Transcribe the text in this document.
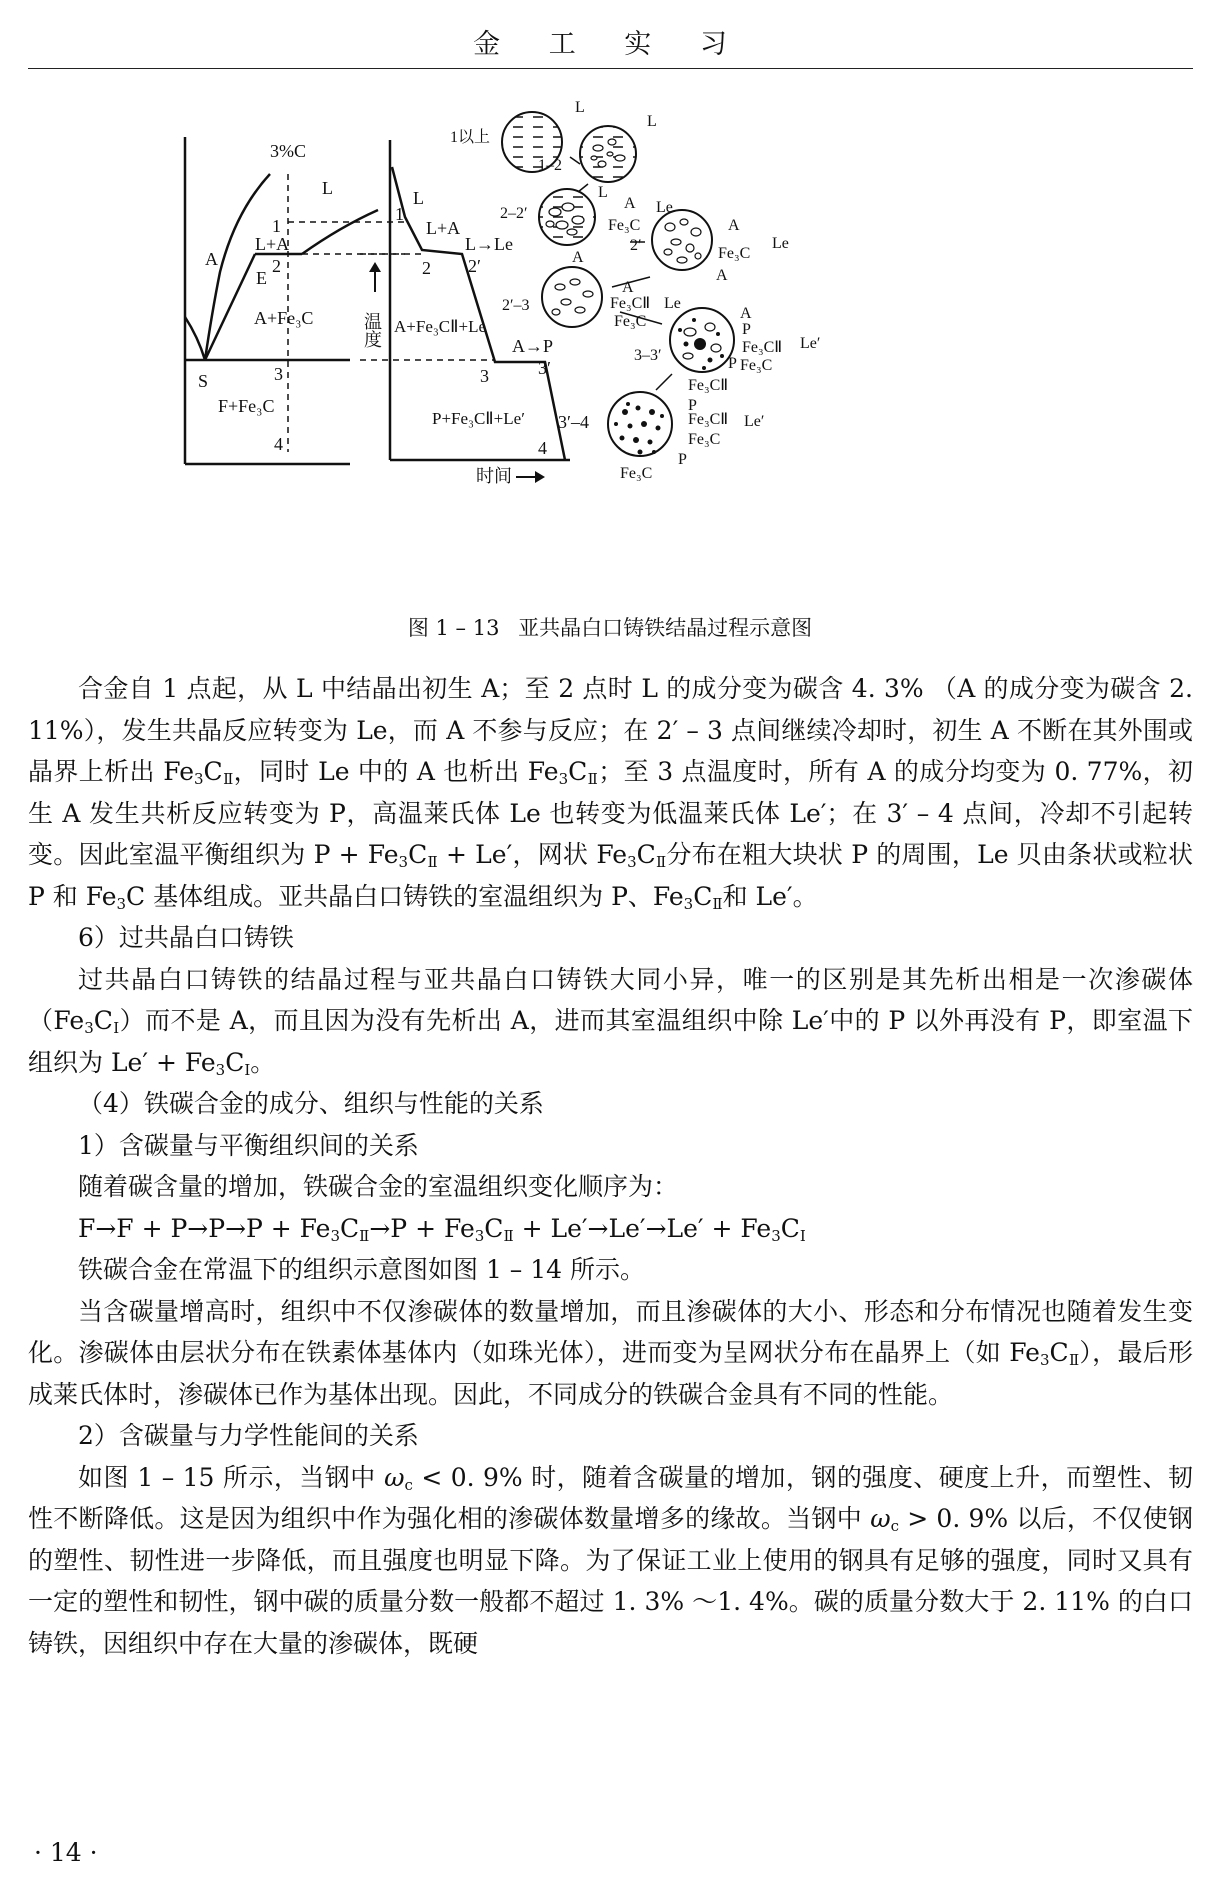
金 工 实 习
3%C
L
A
L+A
E
A+Fe₃C
S
F+Fe₃C
1
2
3
4
温度
时间
1
L
L+A
L→Le
2 2′
A+Fe₃CⅡ+Le
A→P
3	3′
P+Fe₃CⅡ+Le′ 3′–4
4
1以上
L
L
1–2
L
2–2′
A
Fe₃C
Le
A
2′
A
Fe₃C
Le
A
2′–3
A
Fe₃CⅡ Le
Fe₃C	A
P
Fe₃CⅡ Le′
P Fe₃C
3–3′
Fe₃CⅡ
P
Fe₃CⅡ Le′
Fe₃C
P
Fe₃C
图 1 – 13 亚共晶白口铸铁结晶过程示意图

合金自 1 点起，从 L 中结晶出初生 A；至 2 点时 L 的成分变为碳含 4. 3% （A 的成分变为碳含 2. 11%），发生共晶反应转变为 Le，而 A 不参与反应；在 2′ – 3 点间继续冷却时，初生 A 不断在其外围或晶界上析出 $Fe_3C_Ⅱ$，同时 Le 中的 A 也析出 $Fe_3C_Ⅱ$；至 3 点温度时，所有 A 的成分均变为 0. 77%，初生 A 发生共析反应转变为 P，高温莱氏体 Le 也转变为低温莱氏体 Le′；在 3′ – 4 点间，冷却不引起转变。因此室温平衡组织为 $P + Fe_3C_Ⅱ + Le'$，网状 $Fe_3C_Ⅱ$分布在粗大块状 P 的周围，Le 贝由条状或粒状 P 和 $Fe_3C$ 基体组成。亚共晶白口铸铁的室温组织为 P、$Fe_3C_Ⅱ$和 Le′。

6）过共晶白口铸铁

过共晶白口铸铁的结晶过程与亚共晶白口铸铁大同小异，唯一的区别是其先析出相是一次渗碳体$(Fe_3C_Ⅰ)$而不是 A，而且因为没有先析出 A，进而其室温组织中除 Le′中的 P 以外再没有 P，即室温下组织为 $Le' + Fe_3C_Ⅰ$。

（4）铁碳合金的成分、组织与性能的关系

1）含碳量与平衡组织间的关系

随着碳含量的增加，铁碳合金的室温组织变化顺序为：

$F\to F + P\to P\to P + Fe_3C_Ⅱ\to P + Fe_3C_Ⅱ + Le'\to Le'\to Le' + Fe_3C_Ⅰ$

铁碳合金在常温下的组织示意图如图 1 – 14 所示。

当含碳量增高时，组织中不仅渗碳体的数量增加，而且渗碳体的大小、形态和分布情况也随着发生变化。渗碳体由层状分布在铁素体基体内（如珠光体），进而变为呈网状分布在晶界上（如 $Fe_3C_Ⅱ$），最后形成莱氏体时，渗碳体已作为基体出现。因此，不同成分的铁碳合金具有不同的性能。

2）含碳量与力学性能间的关系

如图 1 – 15 所示，当钢中 $\omega_c < 0$. 9% 时，随着含碳量的增加，钢的强度、硬度上升，而塑性、韧性不断降低。这是因为组织中作为强化相的渗碳体数量增多的缘故。当钢中 $\omega_c > 0$. 9% 以后，不仅使钢的塑性、韧性进一步降低，而且强度也明显下降。为了保证工业上使用的钢具有足够的强度，同时又具有一定的塑性和韧性，钢中碳的质量分数一般都不超过 1. 3% ～1. 4%。碳的质量分数大于 2. 11% 的白口铸铁，因组织中存在大量的渗碳体，既硬

· 14 ·
